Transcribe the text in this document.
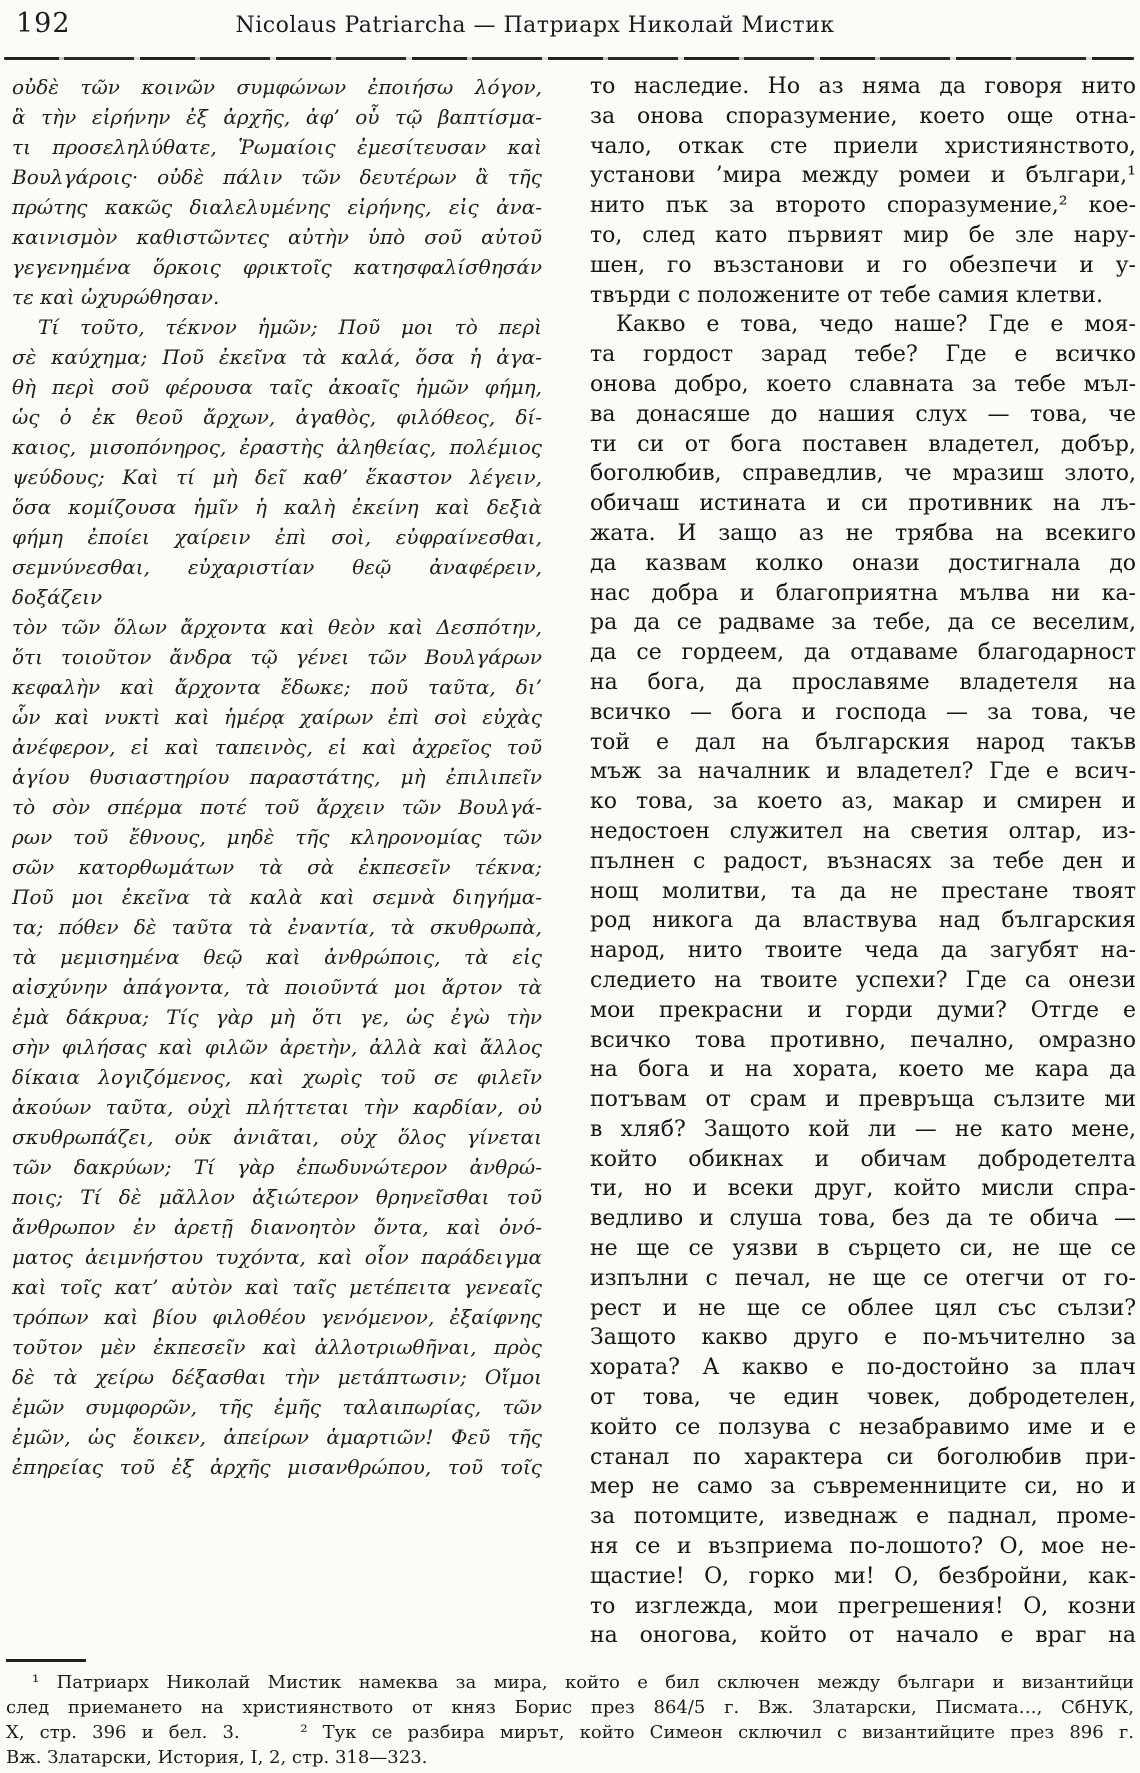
192	Nicolaus Patriarcha — Патриарх Николай Мистик
οὐδὲ τῶν κοινῶν συμφώνων ἐποιήσω λόγον,
ἃ τὴν εἰρήνην ἐξ ἀρχῆς, ἀφ’ οὗ τῷ βαπτίσμα-
τι προσεληλύθατε, Ῥωμαίοις ἐμεσίτευσαν καὶ
Βουλγάροις· οὐδὲ πάλιν τῶν δευτέρων ἃ τῆς
πρώτης κακῶς διαλελυμένης εἰρήνης, εἰς ἀνα-
καινισμὸν καθιστῶντες αὐτὴν ὑπὸ σοῦ αὐτοῦ
γεγενημένα ὅρκοις φρικτοῖς κατησφαλίσθησάν
τε καὶ ὠχυρώθησαν.
Τί τοῦτο, τέκνον ἡμῶν; Ποῦ μοι τὸ περὶ
σὲ καύχημα; Ποῦ ἐκεῖνα τὰ καλά, ὅσα ἡ ἀγα-
θὴ περὶ σοῦ φέρουσα ταῖς ἀκοαῖς ἡμῶν φήμη,
ὡς ὁ ἐκ θεοῦ ἄρχων, ἀγαθὸς, φιλόθεος, δί-
καιος, μισοπόνηρος, ἐραστὴς ἀληθείας, πολέμιος
ψεύδους; Καὶ τί μὴ δεῖ καθ’ ἕκαστον λέγειν,
ὅσα κομίζουσα ἡμῖν ἡ καλὴ ἐκείνη καὶ δεξιὰ
φήμη ἐποίει χαίρειν ἐπὶ σοὶ, εὐφραίνεσθαι,
σεμνύνεσθαι, εὐχαριστίαν θεῷ ἀναφέρειν, δοξάζειν
τὸν τῶν ὅλων ἄρχοντα καὶ θεὸν καὶ Δεσπότην,
ὅτι τοιοῦτον ἄνδρα τῷ γένει τῶν Βουλγάρων
κεφαλὴν καὶ ἄρχοντα ἔδωκε; ποῦ ταῦτα, δι’
ὧν καὶ νυκτὶ καὶ ἡμέρᾳ χαίρων ἐπὶ σοὶ εὐχὰς
ἀνέφερον, εἰ καὶ ταπεινὸς, εἰ καὶ ἀχρεῖος τοῦ
ἁγίου θυσιαστηρίου παραστάτης, μὴ ἐπιλιπεῖν
τὸ σὸν σπέρμα ποτέ τοῦ ἄρχειν τῶν Βουλγά-
ρων τοῦ ἔθνους, μηδὲ τῆς κληρονομίας τῶν
σῶν κατορθωμάτων τὰ σὰ ἐκπεσεῖν τέκνα;
Ποῦ μοι ἐκεῖνα τὰ καλὰ καὶ σεμνὰ διηγήμα-
τα; πόθεν δὲ ταῦτα τὰ ἐναντία, τὰ σκυθρωπὰ,
τὰ μεμισημένα θεῷ καὶ ἀνθρώποις, τὰ εἰς
αἰσχύνην ἀπάγοντα, τὰ ποιοῦντά μοι ἄρτον τὰ
ἐμὰ δάκρυα; Τίς γὰρ μὴ ὅτι γε, ὡς ἐγὼ τὴν
σὴν φιλήσας καὶ φιλῶν ἀρετὴν, ἀλλὰ καὶ ἄλλος
δίκαια λογιζόμενος, καὶ χωρὶς τοῦ σε φιλεῖν
ἀκούων ταῦτα, οὐχὶ πλήττεται τὴν καρδίαν, οὐ
σκυθρωπάζει, οὐκ ἀνιᾶται, οὐχ ὅλος γίνεται
τῶν δακρύων; Τί γὰρ ἐπωδυνώτερον ἀνθρώ-
ποις; Τί δὲ μᾶλλον ἀξιώτερον θρηνεῖσθαι τοῦ
ἄνθρωπον ἐν ἀρετῇ διανοητὸν ὄντα, καὶ ὀνό-
ματος ἀειμνήστου τυχόντα, καὶ οἷον παράδειγμα
καὶ τοῖς κατ’ αὐτὸν καὶ ταῖς μετέπειτα γενεαῖς
τρόπων καὶ βίου φιλοθέου γενόμενον, ἐξαίφνης
τοῦτον μὲν ἐκπεσεῖν καὶ ἀλλοτριωθῆναι, πρὸς
δὲ τὰ χείρω δέξασθαι τὴν μετάπτωσιν; Οἴμοι
ἐμῶν συμφορῶν, τῆς ἐμῆς ταλαιπωρίας, τῶν
ἐμῶν, ὡς ἔοικεν, ἀπείρων ἁμαρτιῶν! Φεῦ τῆς
ἐπηρείας τοῦ ἐξ ἀρχῆς μισανθρώπου, τοῦ τοῖς
то наследие. Но аз няма да говоря нито
за онова споразумение, което още отна-
чало, откак сте приели християнството,
установи ’мира между ромеи и българи,¹
нито пък за второто споразумение,² кое-
то, след като първият мир бе зле нару-
шен, го възстанови и го обезпечи и у-
твърди с положените от тебе самия клетви.
Какво е това, чедо наше? Где е моя-
та гордост зарад тебе? Где е всичко
онова добро, което славната за тебе мъл-
ва донасяше до нашия слух — това, че
ти си от бога поставен владетел, добър,
боголюбив, справедлив, че мразиш злото,
обичаш истината и си противник на лъ-
жата. И защо аз не трябва на всекиго
да казвам колко онази достигнала до
нас добра и благоприятна мълва ни ка-
ра да се радваме за тебе, да се веселим,
да се гордеем, да отдаваме благодарност
на бога, да прославяме владетеля на
всичко — бога и господа — за това, че
той е дал на българския народ такъв
мъж за началник и владетел? Где е всич-
ко това, за което аз, макар и смирен и
недостоен служител на светия олтар, из-
пълнен с радост, възнасях за тебе ден и
нощ молитви, та да не престане твоят
род никога да властвува над българския
народ, нито твоите чеда да загубят на-
следието на твоите успехи? Где са онези
мои прекрасни и горди думи? Отгде е
всичко това противно, печално, омразно
на бога и на хората, което ме кара да
потъвам от срам и превръща сълзите ми
в хляб? Защото кой ли — не като мене,
който обикнах и обичам добродетелта
ти, но и всеки друг, който мисли спра-
ведливо и слуша това, без да те обича —
не ще се уязви в сърцето си, не ще се
изпълни с печал, не ще се отегчи от го-
рест и не ще се облее цял със сълзи?
Защото какво друго е по-мъчително за
хората? А какво е по-достойно за плач
от това, че един човек, добродетелен,
който се ползува с незабравимо име и е
станал по характера си боголюбив при-
мер не само за съвременниците си, но и
за потомците, изведнаж е паднал, проме-
ня се и възприема по-лошото? О, мое не-
щастие! О, горко ми! О, безбройни, как-
то изглежда, мои прегрешения! О, козни
на оногова, който от начало е враг на
¹ Патриарх Николай Мистик намеква за мира, който е бил сключен между българи и византийци
след приемането на християнството от княз Борис през 864/5 г. Вж. Златарски, Писмата…, СбНУК,
X, стр. 396 и бел. 3.    ² Тук се разбира мирът, който Симеон сключил с византийците през 896 г.
Вж. Златарски, История, I, 2, стр. 318—323.
